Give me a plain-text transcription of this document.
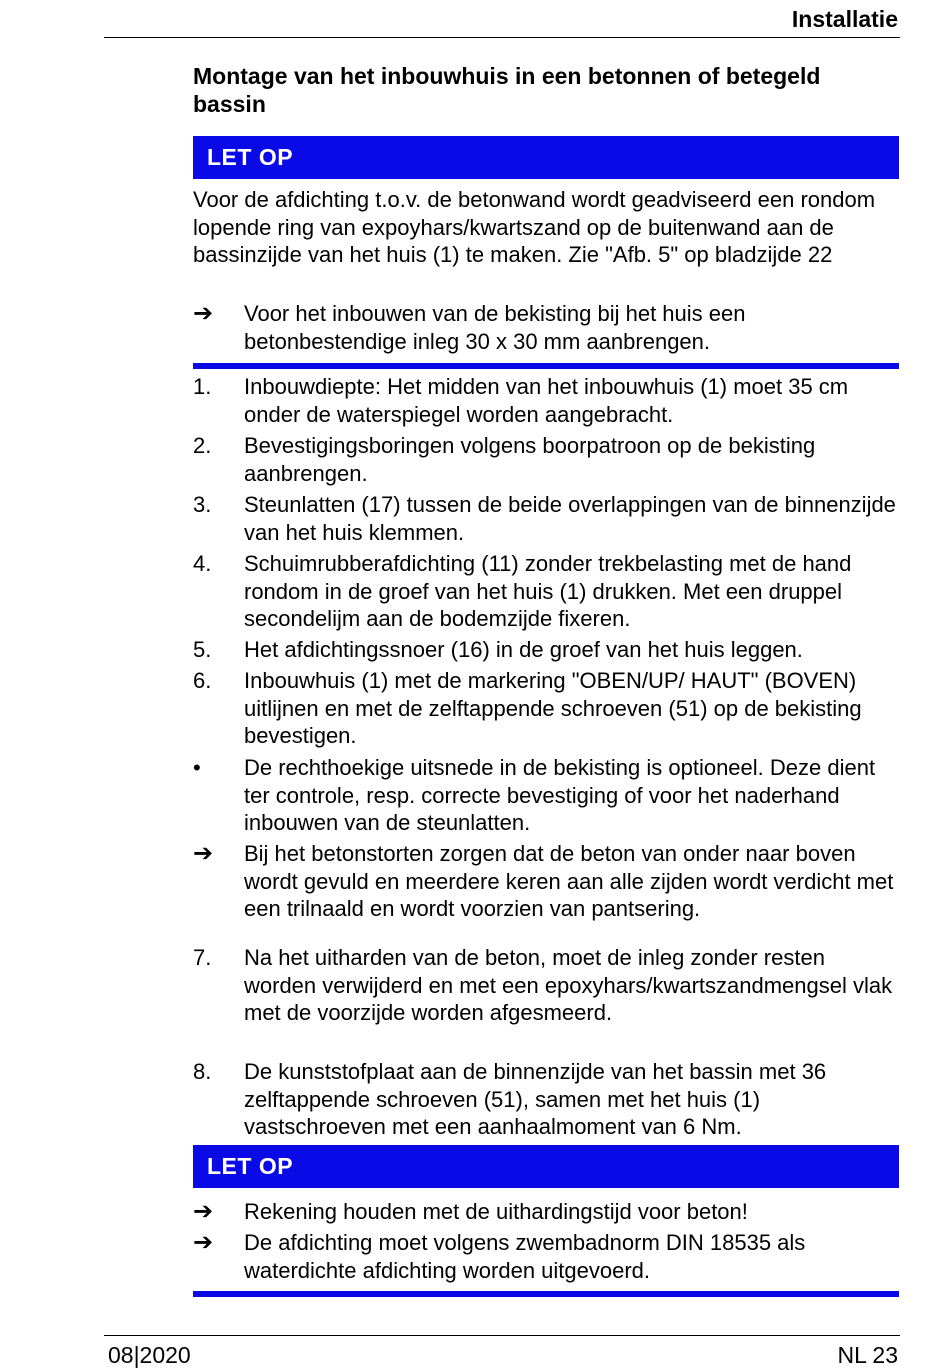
Installatie
Montage van het inbouwhuis in een betonnen of betegeld bassin
LET OP
Voor de afdichting t.o.v. de betonwand wordt geadviseerd een rondom lopende ring van expoyhars/kwartszand op de buitenwand aan de bassinzijde van het huis (1) te maken. Zie "Afb. 5" op bladzijde 22
➔	Voor het inbouwen van de bekisting bij het huis een betonbestendige inleg 30 x 30 mm aanbrengen.
1.	Inbouwdiepte: Het midden van het inbouwhuis (1) moet 35 cm onder de waterspiegel worden aangebracht.
2.	Bevestigingsboringen volgens boorpatroon op de bekisting aanbrengen.
3.	Steunlatten (17) tussen de beide overlappingen van de binnenzijde van het huis klemmen.
4.	Schuimrubberafdichting (11) zonder trekbelasting met de hand rondom in de groef van het huis (1) drukken. Met een druppel secondelijm aan de bodemzijde fixeren.
5.	Het afdichtingssnoer (16) in de groef van het huis leggen.
6.	Inbouwhuis (1) met de markering "OBEN/UP/ HAUT" (BOVEN) uitlijnen en met de zelftappende schroeven (51) op de bekisting bevestigen.
•	De rechthoekige uitsnede in de bekisting is optioneel. Deze dient ter controle, resp. correcte bevestiging of voor het naderhand inbouwen van de steunlatten.
➔	Bij het betonstorten zorgen dat de beton van onder naar boven wordt gevuld en meerdere keren aan alle zijden wordt verdicht met een trilnaald en wordt voorzien van pantsering.
7.	Na het uitharden van de beton, moet de inleg zonder resten worden verwijderd en met een epoxyhars/kwartszandmengsel vlak met de voorzijde worden afgesmeerd.
8.	De kunststofplaat aan de binnenzijde van het bassin met 36 zelftappende schroeven (51), samen met het huis (1) vastschroeven met een aanhaalmoment van 6 Nm.
LET OP
➔	Rekening houden met de uithardingstijd voor beton!
➔	De afdichting moet volgens zwembadnorm DIN 18535 als waterdichte afdichting worden uitgevoerd.
08|2020	NL 23
